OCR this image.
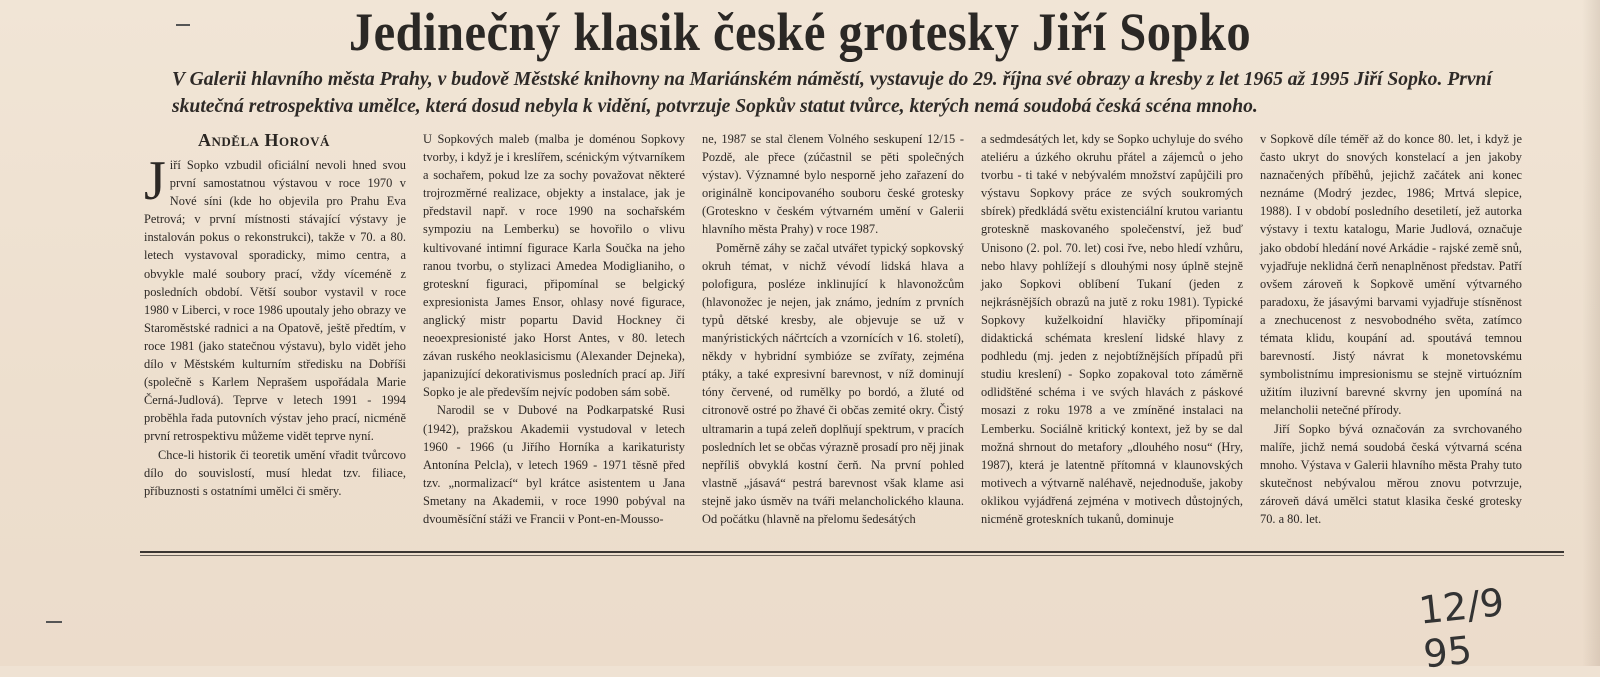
Jedinečný klasik české grotesky Jiří Sopko
V Galerii hlavního města Prahy, v budově Městské knihovny na Mariánském náměstí, vystavuje do 29. října své obrazy a kresby z let 1965 až 1995 Jiří Sopko. První skutečná retrospektiva umělce, která dosud nebyla k vidění, potvrzuje Sopkův statut tvůrce, kterých nemá soudobá česká scéna mnoho.
Anděla Horová

Jiří Sopko vzbudil oficiální nevoli hned svou první samostatnou výstavou v roce 1970 v Nové síni (kde ho objevila pro Prahu Eva Petrová; v první místnosti stávající výstavy je instalován pokus o rekonstrukci), takže v 70. a 80. letech vystavoval sporadicky, mimo centra, a obvykle malé soubory prací, vždy víceméně z posledních období. Větší soubor vystavil v roce 1980 v Liberci, v roce 1986 upoutaly jeho obrazy ve Staroměstské radnici a na Opatově, ještě předtím, v roce 1981 (jako statečnou výstavu), bylo vidět jeho dílo v Městském kulturním středisku na Dobříši (společně s Karlem Neprašem uspořádala Marie Černá-Judlová). Teprve v letech 1991 - 1994 proběhla řada putovních výstav jeho prací, nicméně první retrospektivu můžeme vidět teprve nyní.

Chce-li historik či teoretik umění vřadit tvůrcovo dílo do souvislostí, musí hledat tzv. filiace, příbuznosti s ostatními umělci či směry.

U Sopkových maleb (malba je doménou Sopkovy tvorby, i když je i kreslířem, scénickým výtvarníkem a sochařem, pokud lze za sochy považovat některé trojrozměrné realizace, objekty a instalace, jak je představil např. v roce 1990 na sochařském sympoziu na Lemberku) se hovořilo o vlivu kultivované intimní figurace Karla Součka na jeho ranou tvorbu, o stylizaci Amedea Modiglianiho, o groteskní figuraci, připomínal se belgický expresionista James Ensor, ohlasy nové figurace, anglický mistr popartu David Hockney či neoexpresionisté jako Horst Antes, v 80. letech závan ruského neoklasicismu (Alexander Dejneka), japanizující dekorativismus posledních prací ap. Jiří Sopko je ale především nejvíc podoben sám sobě.

Narodil se v Dubové na Podkarpatské Rusi (1942), pražskou Akademii vystudoval v letech 1960 - 1966 (u Jiřího Horníka a karikaturisty Antonína Pelcla), v letech 1969 - 1971 těsně před tzv. „normalizací“ byl krátce asistentem u Jana Smetany na Akademii, v roce 1990 pobýval na dvouměsíční stáži ve Francii v Pont-en-Mousso-

ne, 1987 se stal členem Volného seskupení 12/15 - Pozdě, ale přece (zúčastnil se pěti společných výstav). Významné bylo nesporně jeho zařazení do originálně koncipovaného souboru české grotesky (Groteskno v českém výtvarném umění v Galerii hlavního města Prahy) v roce 1987.

Poměrně záhy se začal utvářet typický sopkovský okruh témat, v nichž vévodí lidská hlava a polofigura, posléze inklinující k hlavonožcům (hlavonožec je nejen, jak známo, jedním z prvních typů dětské kresby, ale objevuje se už v manýristických náčrtcích a vzornících v 16. století), někdy v hybridní symbióze se zvířaty, zejména ptáky, a také expresivní barevnost, v níž dominují tóny červené, od rumělky po bordó, a žluté od citronově ostré po žhavé či občas zemité okry. Čistý ultramarin a tupá zeleň doplňují spektrum, v pracích posledních let se občas výrazně prosadí pro něj jinak nepříliš obvyklá kostní čerň. Na první pohled vlastně „jásavá“ pestrá barevnost však klame asi stejně jako úsměv na tváři melancholického klauna. Od počátku (hlavně na přelomu šedesátých

a sedmdesátých let, kdy se Sopko uchyluje do svého ateliéru a úzkého okruhu přátel a zájemců o jeho tvorbu - ti také v nebývalém množství zapůjčili pro výstavu Sopkovy práce ze svých soukromých sbírek) předkládá světu existenciální krutou variantu groteskně maskovaného společenství, jež buď Unisono (2. pol. 70. let) cosi řve, nebo hledí vzhůru, nebo hlavy pohlížejí s dlouhými nosy úplně stejně jako Sopkovi oblíbení Tukaní (jeden z nejkrásnějších obrazů na jutě z roku 1981). Typické Sopkovy kuželkoidní hlavičky připomínají didaktická schémata kreslení lidské hlavy z podhledu (mj. jeden z nejobtížnějších případů při studiu kreslení) - Sopko zopakoval toto záměrně odlidštěné schéma i ve svých hlavách z páskové mosazi z roku 1978 a ve zmíněné instalaci na Lemberku. Sociálně kritický kontext, jež by se dal možná shrnout do metafory „dlouhého nosu“ (Hry, 1987), která je latentně přítomná v klaunovských motivech a výtvarně naléhavě, nejednoduše, jakoby oklikou vyjádřená zejména v motivech důstojných, nicméně groteskních tukanů, dominuje

v Sopkově díle téměř až do konce 80. let, i když je často ukryt do snových konstelací a jen jakoby naznačených příběhů, jejichž začátek ani konec neznáme (Modrý jezdec, 1986; Mrtvá slepice, 1988). I v období posledního desetiletí, jež autorka výstavy i textu katalogu, Marie Judlová, označuje jako období hledání nové Arkádie - rajské země snů, vyjadřuje neklidná čerň nenaplněnost představ. Patří ovšem zároveň k Sopkově umění výtvarného paradoxu, že jásavými barvami vyjadřuje stísněnost a znechucenost z nesvobodného světa, zatímco témata klidu, koupání ad. spoutává temnou barevností. Jistý návrat k monetovskému symbolistnímu impresionismu se stejně virtuózním užitím iluzivní barevné skvrny jen upomíná na melancholii netečné přírody.

Jiří Sopko bývá označován za svrchovaného malíře, jichž nemá soudobá česká výtvarná scéna mnoho. Výstava v Galerii hlavního města Prahy tuto skutečnost nebývalou měrou znovu potvrzuje, zároveň dává umělci statut klasika české grotesky 70. a 80. let.

12/9 95
